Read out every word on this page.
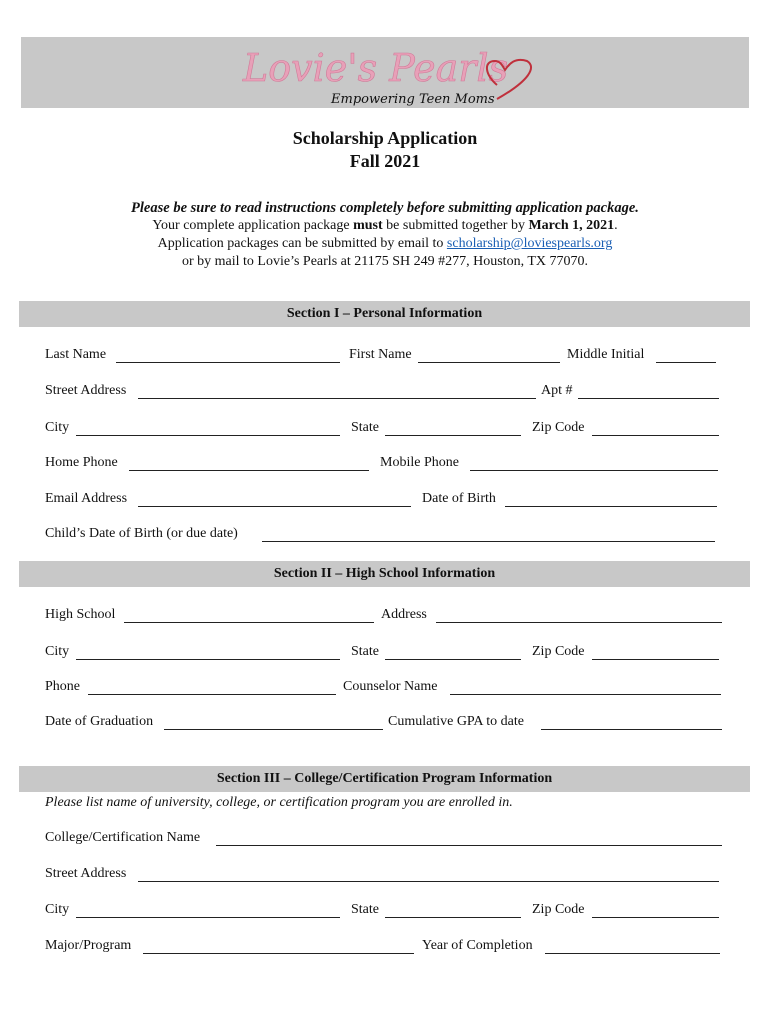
Lovie's Pearls
Empowering Teen Moms
Scholarship Application
Fall 2021
Please be sure to read instructions completely before submitting application package.
Your complete application package must be submitted together by March 1, 2021.
Application packages can be submitted by email to scholarship@loviespearls.org
or by mail to Lovie’s Pearls at 21175 SH 249 #277, Houston, TX 77070.
Section I – Personal Information
Last Name	First Name	Middle Initial
Street Address	Apt #
City	State	Zip Code
Home Phone	Mobile Phone
Email Address	Date of Birth
Child’s Date of Birth (or due date)
Section II – High School Information
High School	Address
City	State	Zip Code
Phone	Counselor Name
Date of Graduation	Cumulative GPA to date
Section III – College/Certification Program Information
Please list name of university, college, or certification program you are enrolled in.
College/Certification Name
Street Address
City	State	Zip Code
Major/Program	Year of Completion
